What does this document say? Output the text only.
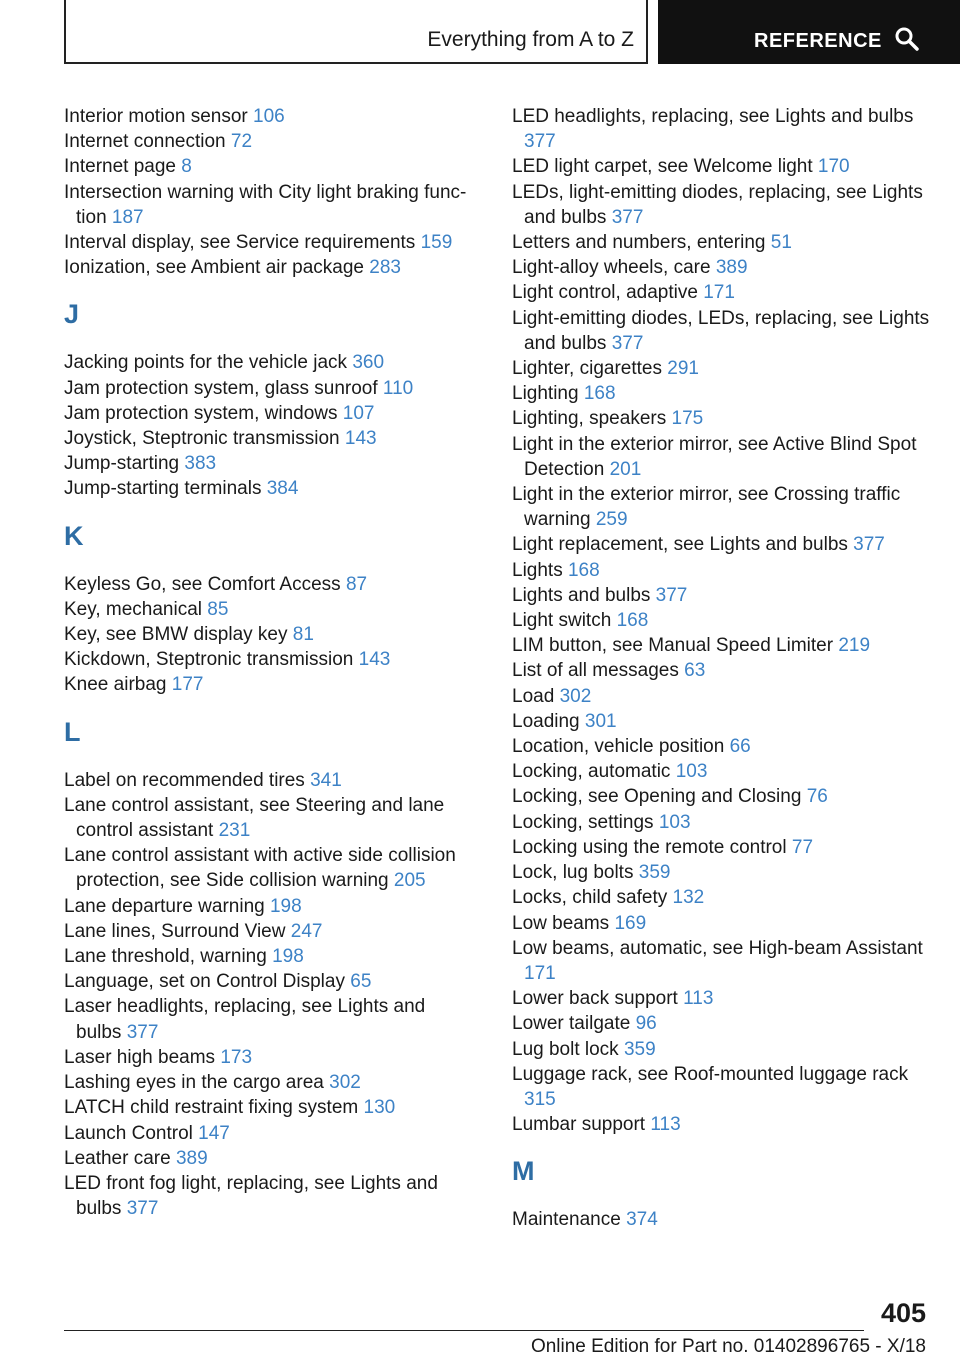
Everything from A to Z	REFERENCE
Interior motion sensor 106
Internet connection 72
Internet page 8
Intersection warning with City light braking function 187
Interval display, see Service requirements 159
Ionization, see Ambient air package 283
J
Jacking points for the vehicle jack 360
Jam protection system, glass sunroof 110
Jam protection system, windows 107
Joystick, Steptronic transmission 143
Jump-starting 383
Jump-starting terminals 384
K
Keyless Go, see Comfort Access 87
Key, mechanical 85
Key, see BMW display key 81
Kickdown, Steptronic transmission 143
Knee airbag 177
L
Label on recommended tires 341
Lane control assistant, see Steering and lane control assistant 231
Lane control assistant with active side collision protection, see Side collision warning 205
Lane departure warning 198
Lane lines, Surround View 247
Lane threshold, warning 198
Language, set on Control Display 65
Laser headlights, replacing, see Lights and bulbs 377
Laser high beams 173
Lashing eyes in the cargo area 302
LATCH child restraint fixing system 130
Launch Control 147
Leather care 389
LED front fog light, replacing, see Lights and bulbs 377
LED headlights, replacing, see Lights and bulbs 377
LED light carpet, see Welcome light 170
LEDs, light-emitting diodes, replacing, see Lights and bulbs 377
Letters and numbers, entering 51
Light-alloy wheels, care 389
Light control, adaptive 171
Light-emitting diodes, LEDs, replacing, see Lights and bulbs 377
Lighter, cigarettes 291
Lighting 168
Lighting, speakers 175
Light in the exterior mirror, see Active Blind Spot Detection 201
Light in the exterior mirror, see Crossing traffic warning 259
Light replacement, see Lights and bulbs 377
Lights 168
Lights and bulbs 377
Light switch 168
LIM button, see Manual Speed Limiter 219
List of all messages 63
Load 302
Loading 301
Location, vehicle position 66
Locking, automatic 103
Locking, see Opening and Closing 76
Locking, settings 103
Locking using the remote control 77
Lock, lug bolts 359
Locks, child safety 132
Low beams 169
Low beams, automatic, see High-beam Assistant 171
Lower back support 113
Lower tailgate 96
Lug bolt lock 359
Luggage rack, see Roof-mounted luggage rack 315
Lumbar support 113
M
Maintenance 374
405
Online Edition for Part no. 01402896765 - X/18
